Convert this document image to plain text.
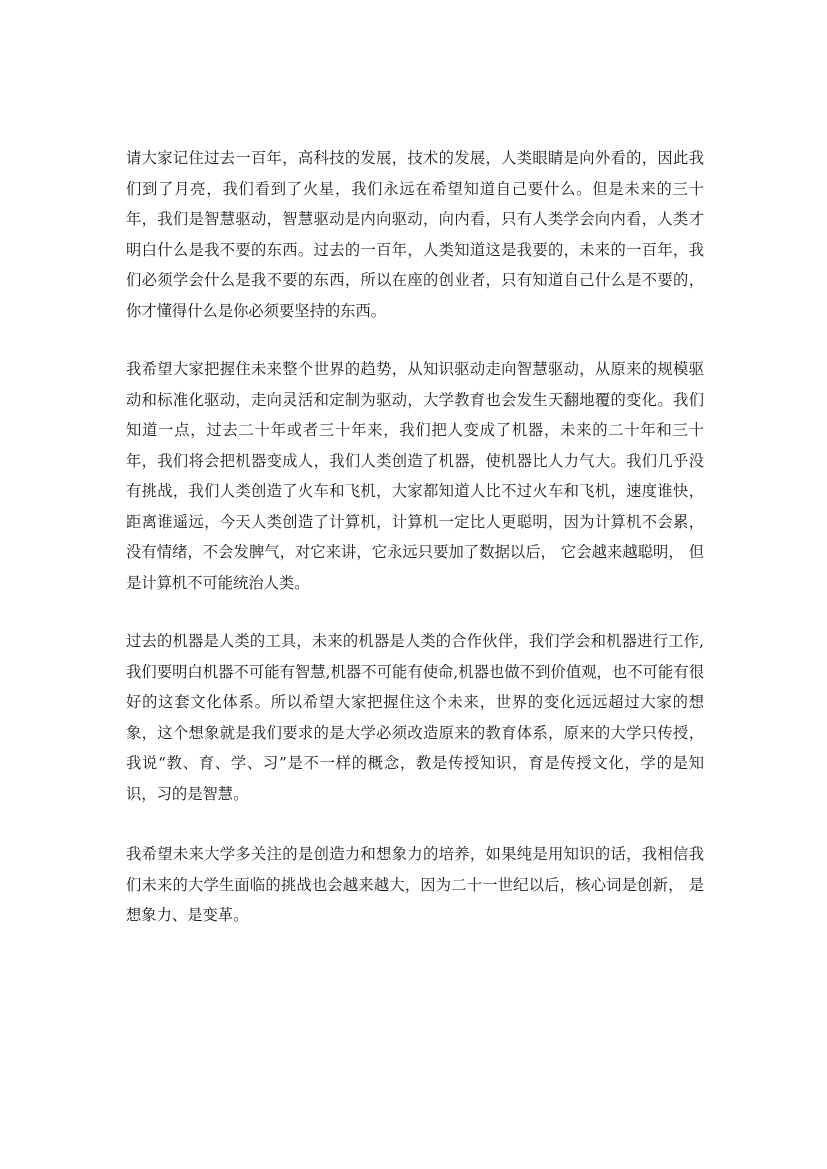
请大家记住过去一百年，高科技的发展，技术的发展，人类眼睛是向外看的，因此我们到了月亮，我们看到了火星，我们永远在希望知道自己要什么。但是未来的三十年，我们是智慧驱动，智慧驱动是内向驱动，向内看，只有人类学会向内看，人类才明白什么是我不要的东西。过去的一百年，人类知道这是我要的，未来的一百年，我们必须学会什么是我不要的东西，所以在座的创业者，只有知道自己什么是不要的， 你才懂得什么是你必须要坚持的东西。

我希望大家把握住未来整个世界的趋势，从知识驱动走向智慧驱动，从原来的规模驱动和标准化驱动，走向灵活和定制为驱动，大学教育也会发生天翻地覆的变化。我们知道一点，过去二十年或者三十年来，我们把人变成了机器，未来的二十年和三十年，我们将会把机器变成人，我们人类创造了机器，使机器比人力气大。我们几乎没有挑战，我们人类创造了火车和飞机，大家都知道人比不过火车和飞机，速度谁快，距离谁遥远，今天人类创造了计算机，计算机一定比人更聪明，因为计算机不会累，没有情绪，不会发脾气，对它来讲，它永远只要加了数据以后， 它会越来越聪明， 但是计算机不可能统治人类。

过去的机器是人类的工具，未来的机器是人类的合作伙伴，我们学会和机器进行工作,我们要明白机器不可能有智慧,机器不可能有使命,机器也做不到价值观，也不可能有很好的这套文化体系。所以希望大家把握住这个未来，世界的变化远远超过大家的想象，这个想象就是我们要求的是大学必须改造原来的教育体系，原来的大学只传授，我说“教、育、学、习”是不一样的概念，教是传授知识，育是传授文化，学的是知识，习的是智慧。

我希望未来大学多关注的是创造力和想象力的培养，如果纯是用知识的话，我相信我们未来的大学生面临的挑战也会越来越大，因为二十一世纪以后，核心词是创新， 是想象力、是变革。
